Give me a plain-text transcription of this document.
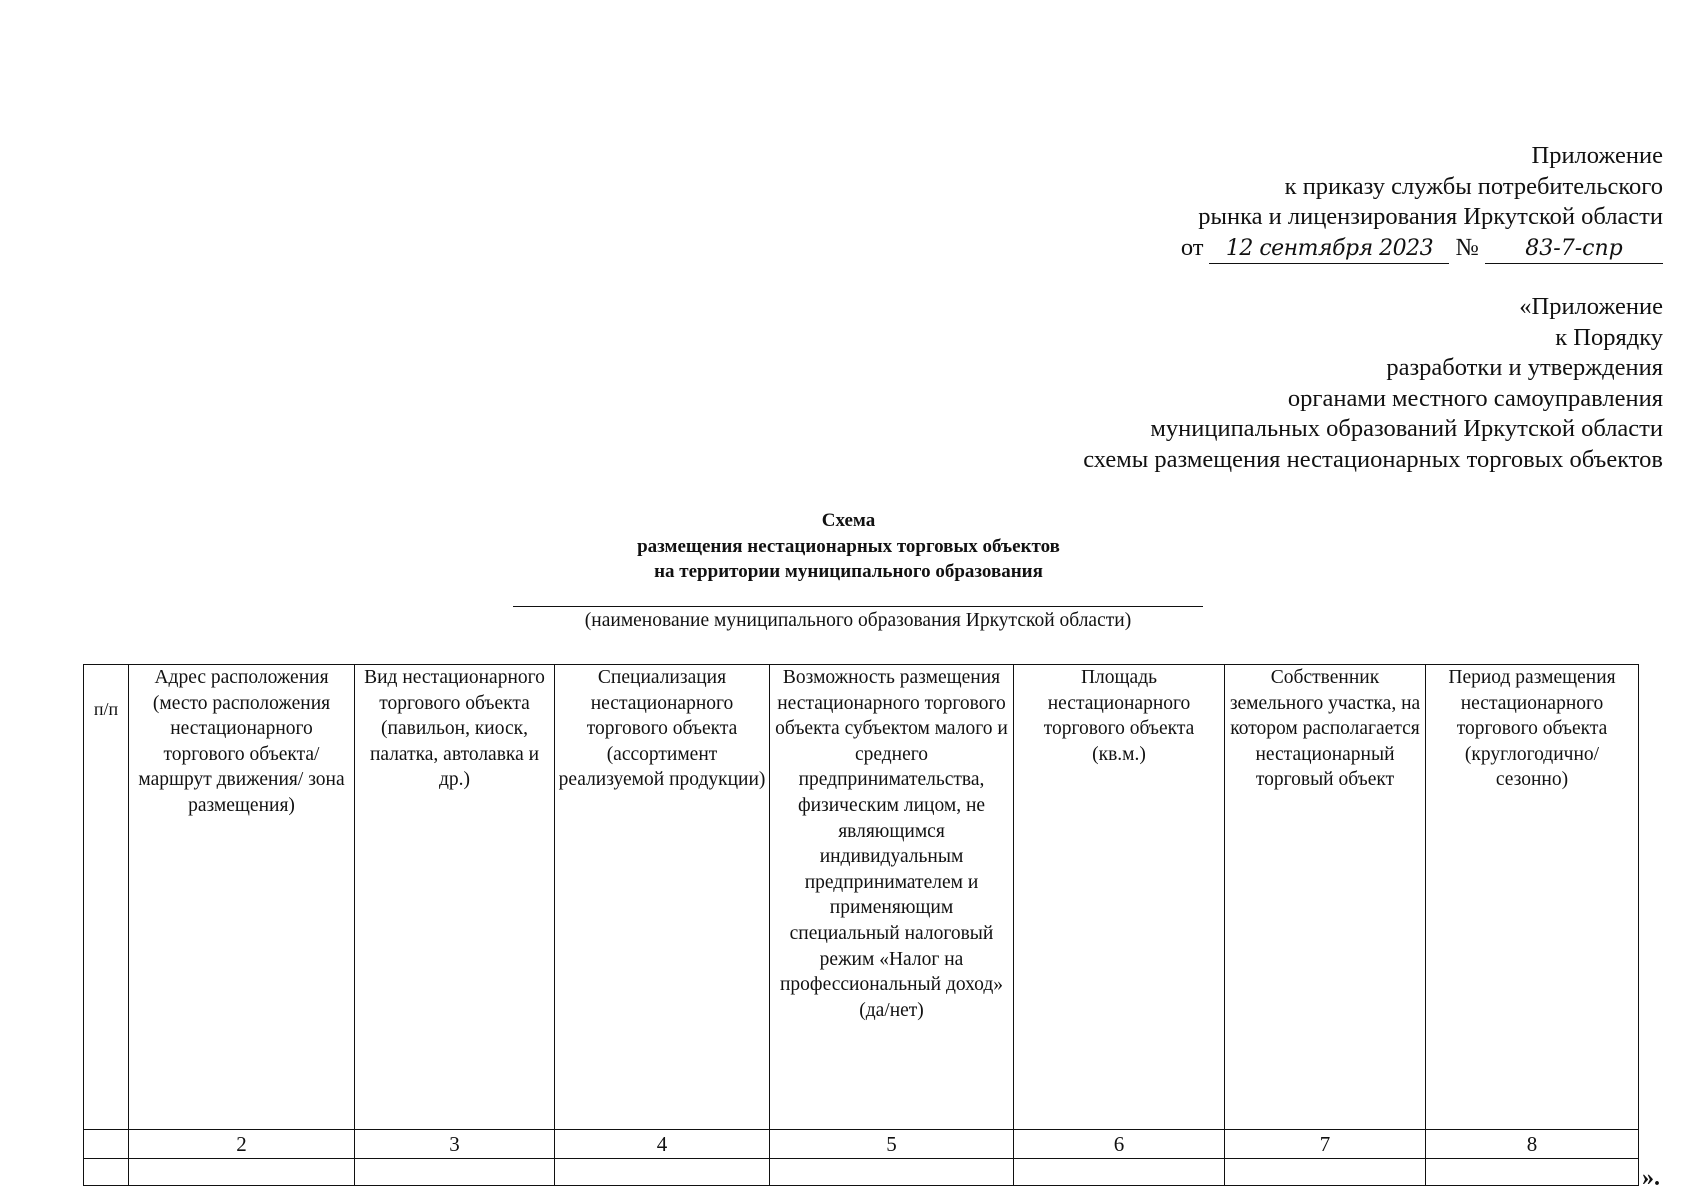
Приложение
к приказу службы потребительского
рынка и лицензирования Иркутской области
от 12 сентября 2023 № 83-7-спр
«Приложение
к Порядку
разработки и утверждения
органами местного самоуправления
муниципальных образований Иркутской области
схемы размещения нестационарных торговых объектов
Схема
размещения нестационарных торговых объектов
на территории муниципального образования
(наименование муниципального образования Иркутской области)
п/п	Адрес расположения (место расположения нестационарного торгового объекта/ маршрут движения/ зона размещения)	Вид нестационарного торгового объекта (павильон, киоск, палатка, автолавка и др.)	Специализация нестационарного торгового объекта (ассортимент реализуемой продукции)	Возможность размещения нестационарного торгового объекта субъектом малого и среднего предпринимательства, физическим лицом, не являющимся индивидуальным предпринимателем и применяющим специальный налоговый режим «Налог на профессиональный доход» (да/нет)	Площадь нестационарного торгового объекта (кв.м.)	Собственник земельного участка, на котором располагается нестационарный торговый объект	Период размещения нестационарного торгового объекта (круглогодично/ сезонно)
	2	3	4	5	6	7	8

».
